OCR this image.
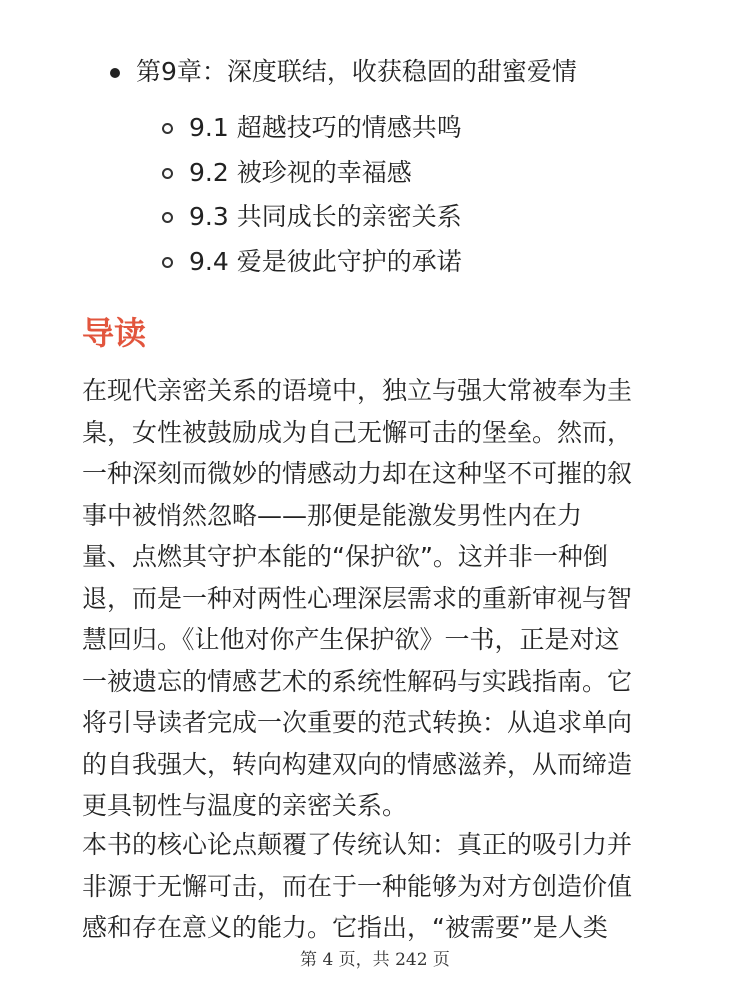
第9章：深度联结，收获稳固的甜蜜爱情
9.1 超越技巧的情感共鸣
9.2 被珍视的幸福感
9.3 共同成长的亲密关系
9.4 爱是彼此守护的承诺
导读

在现代亲密关系的语境中，独立与强大常被奉为圭
臬，女性被鼓励成为自己无懈可击的堡垒。然而，
一种深刻而微妙的情感动力却在这种坚不可摧的叙
事中被悄然忽略——那便是能激发男性内在力
量、点燃其守护本能的“保护欲”。这并非一种倒
退，而是一种对两性心理深层需求的重新审视与智
慧回归。《让他对你产生保护欲》一书，正是对这
一被遗忘的情感艺术的系统性解码与实践指南。它
将引导读者完成一次重要的范式转换：从追求单向
的自我强大，转向构建双向的情感滋养，从而缔造
更具韧性与温度的亲密关系。

本书的核心论点颠覆了传统认知：真正的吸引力并
非源于无懈可击，而在于一种能够为对方创造价值
感和存在意义的能力。它指出，“被需要”是人类

第 4 页，共 242 页
